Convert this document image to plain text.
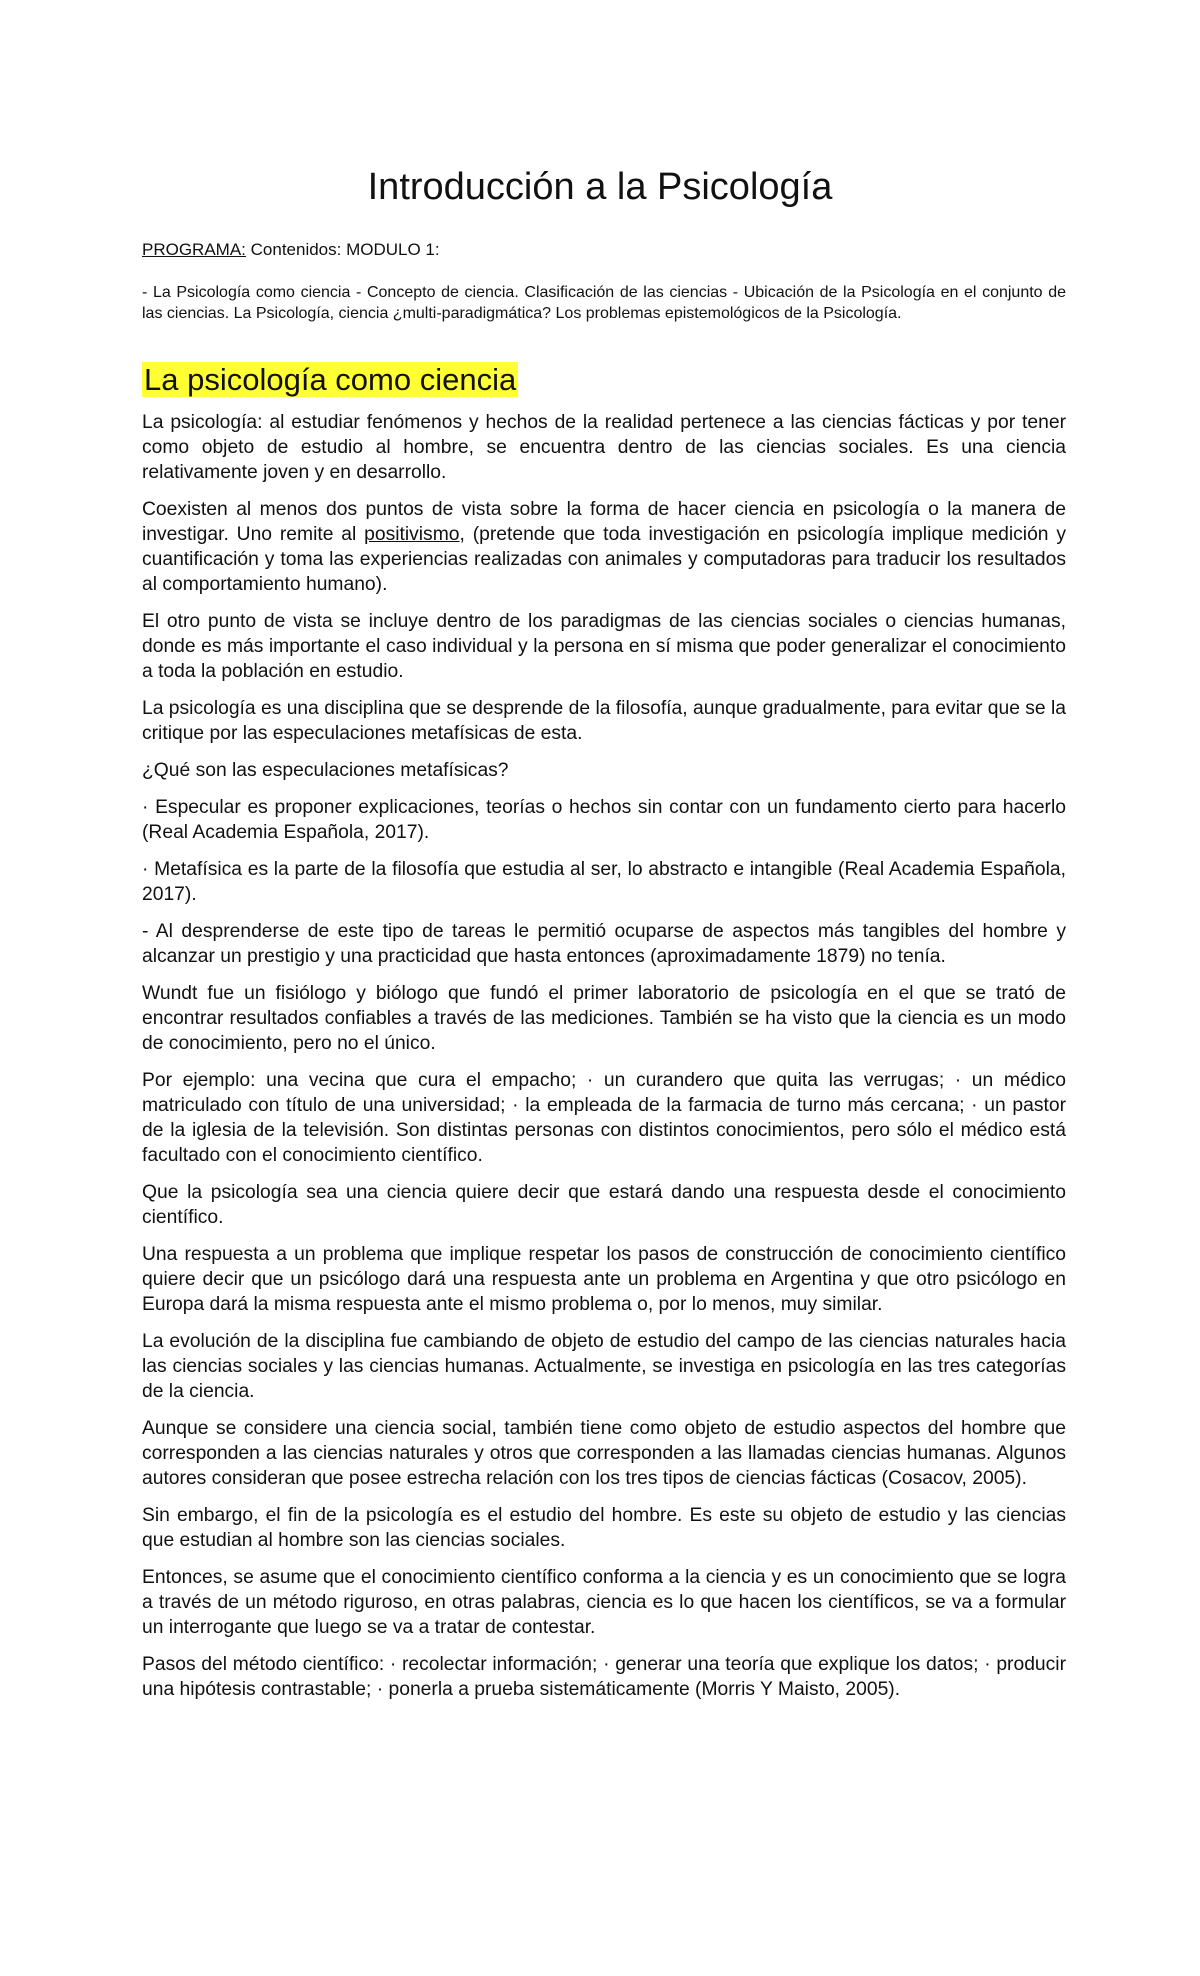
Introducción a la Psicología
PROGRAMA: Contenidos: MODULO 1:
- La Psicología como ciencia - Concepto de ciencia. Clasificación de las ciencias - Ubicación de la Psicología en el conjunto de las ciencias. La Psicología, ciencia ¿multi-paradigmática? Los problemas epistemológicos de la Psicología.
La psicología como ciencia

La psicología: al estudiar fenómenos y hechos de la realidad pertenece a las ciencias fácticas y por tener como objeto de estudio al hombre, se encuentra dentro de las ciencias sociales. Es una ciencia relativamente joven y en desarrollo.

Coexisten al menos dos puntos de vista sobre la forma de hacer ciencia en psicología o la manera de investigar. Uno remite al positivismo, (pretende que toda investigación en psicología implique medición y cuantificación y toma las experiencias realizadas con animales y computadoras para traducir los resultados al comportamiento humano).

El otro punto de vista se incluye dentro de los paradigmas de las ciencias sociales o ciencias humanas, donde es más importante el caso individual y la persona en sí misma que poder generalizar el conocimiento a toda la población en estudio.

La psicología es una disciplina que se desprende de la filosofía, aunque gradualmente, para evitar que se la critique por las especulaciones metafísicas de esta.

¿Qué son las especulaciones metafísicas?

· Especular es proponer explicaciones, teorías o hechos sin contar con un fundamento cierto para hacerlo (Real Academia Española, 2017).

· Metafísica es la parte de la filosofía que estudia al ser, lo abstracto e intangible (Real Academia Española, 2017).

- Al desprenderse de este tipo de tareas le permitió ocuparse de aspectos más tangibles del hombre y alcanzar un prestigio y una practicidad que hasta entonces (aproximadamente 1879) no tenía.

Wundt fue un fisiólogo y biólogo que fundó el primer laboratorio de psicología en el que se trató de encontrar resultados confiables a través de las mediciones. También se ha visto que la ciencia es un modo de conocimiento, pero no el único.

Por ejemplo: una vecina que cura el empacho; · un curandero que quita las verrugas; · un médico matriculado con título de una universidad; · la empleada de la farmacia de turno más cercana; · un pastor de la iglesia de la televisión. Son distintas personas con distintos conocimientos, pero sólo el médico está facultado con el conocimiento científico.

Que la psicología sea una ciencia quiere decir que estará dando una respuesta desde el conocimiento científico.

Una respuesta a un problema que implique respetar los pasos de construcción de conocimiento científico quiere decir que un psicólogo dará una respuesta ante un problema en Argentina y que otro psicólogo en Europa dará la misma respuesta ante el mismo problema o, por lo menos, muy similar.

La evolución de la disciplina fue cambiando de objeto de estudio del campo de las ciencias naturales hacia las ciencias sociales y las ciencias humanas. Actualmente, se investiga en psicología en las tres categorías de la ciencia.

Aunque se considere una ciencia social, también tiene como objeto de estudio aspectos del hombre que corresponden a las ciencias naturales y otros que corresponden a las llamadas ciencias humanas. Algunos autores consideran que posee estrecha relación con los tres tipos de ciencias fácticas (Cosacov, 2005).

Sin embargo, el fin de la psicología es el estudio del hombre. Es este su objeto de estudio y las ciencias que estudian al hombre son las ciencias sociales.

Entonces, se asume que el conocimiento científico conforma a la ciencia y es un conocimiento que se logra a través de un método riguroso, en otras palabras, ciencia es lo que hacen los científicos, se va a formular un interrogante que luego se va a tratar de contestar.

Pasos del método científico: · recolectar información; · generar una teoría que explique los datos; · producir una hipótesis contrastable; · ponerla a prueba sistemáticamente (Morris Y Maisto, 2005).
